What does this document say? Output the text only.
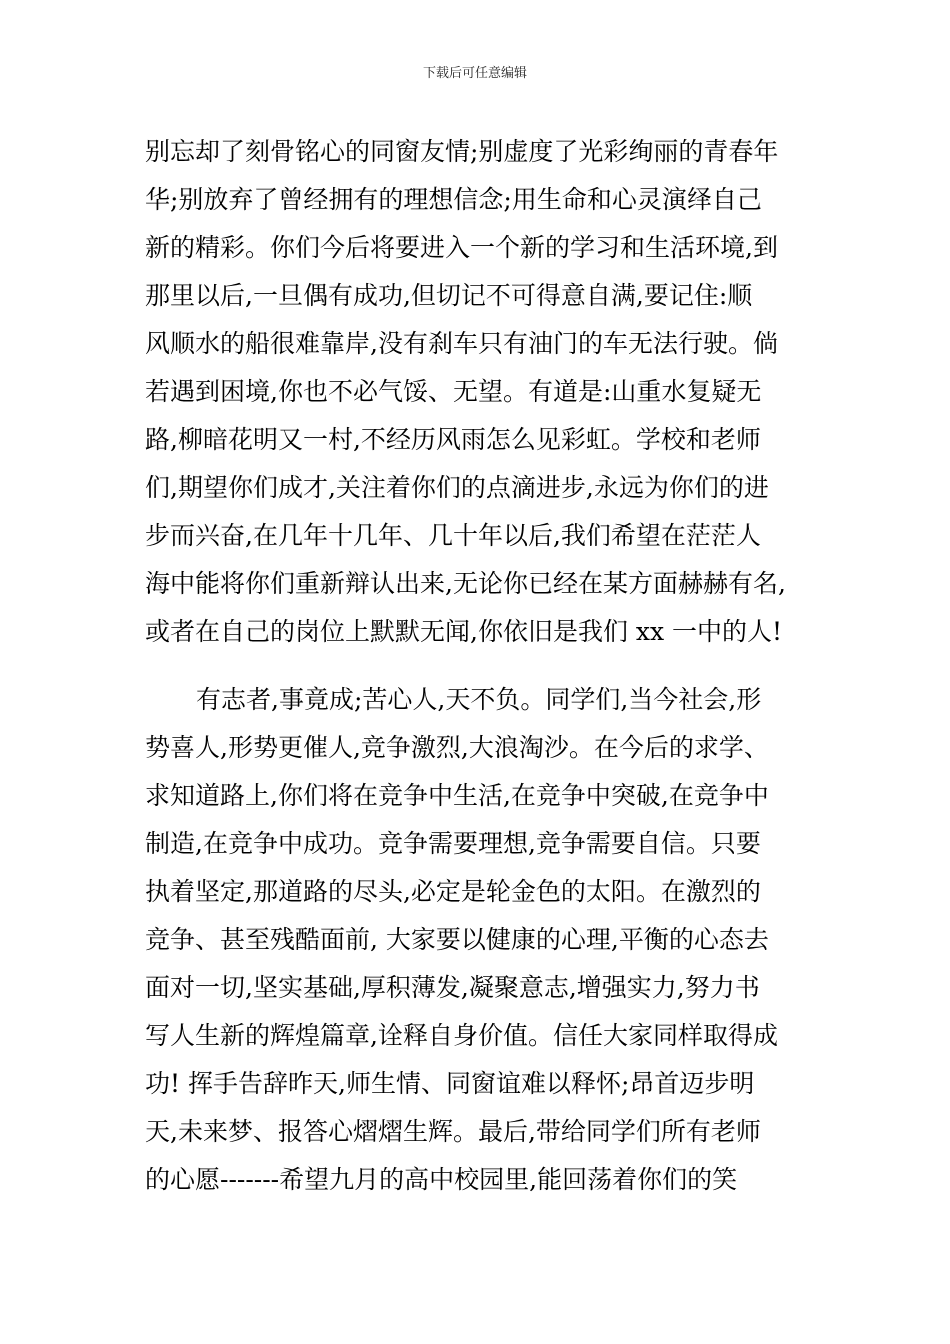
下载后可任意编辑
别忘却了刻骨铭心的同窗友情;别虚度了光彩绚丽的青春年
华;别放弃了曾经拥有的理想信念;用生命和心灵演绎自己
新的精彩。你们今后将要进入一个新的学习和生活环境,到
那里以后,一旦偶有成功,但切记不可得意自满,要记住:顺
风顺水的船很难靠岸,没有刹车只有油门的车无法行驶。倘
若遇到困境,你也不必气馁、无望。有道是:山重水复疑无
路,柳暗花明又一村,不经历风雨怎么见彩虹。学校和老师
们,期望你们成才,关注着你们的点滴进步,永远为你们的进
步而兴奋,在几年十几年、几十年以后,我们希望在茫茫人
海中能将你们重新辩认出来,无论你已经在某方面赫赫有名,
或者在自己的岗位上默默无闻,你依旧是我们 xx 一中的人!
有志者,事竟成;苦心人,天不负。同学们,当今社会,形
势喜人,形势更催人,竞争激烈,大浪淘沙。在今后的求学、
求知道路上,你们将在竞争中生活,在竞争中突破,在竞争中
制造,在竞争中成功。竞争需要理想,竞争需要自信。只要
执着坚定,那道路的尽头,必定是轮金色的太阳。在激烈的
竞争、甚至残酷面前, 大家要以健康的心理,平衡的心态去
面对一切,坚实基础,厚积薄发,凝聚意志,增强实力,努力书
写人生新的辉煌篇章,诠释自身价值。信任大家同样取得成
功! 挥手告辞昨天,师生情、同窗谊难以释怀;昂首迈步明
天,未来梦、报答心熠熠生辉。最后,带给同学们所有老师
的心愿-------希望九月的高中校园里,能回荡着你们的笑
